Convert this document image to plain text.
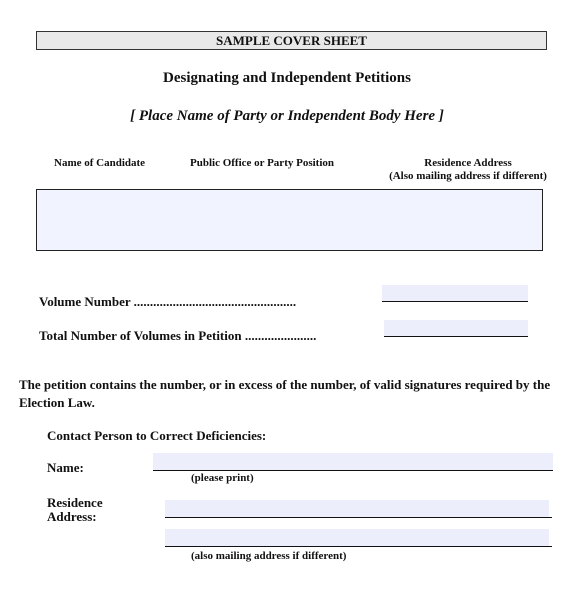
SAMPLE COVER SHEET
Designating and Independent Petitions
[ Place Name of Party or Independent Body Here ]
Name of Candidate	Public Office or Party Position	Residence Address
(Also mailing address if different)
Volume Number ..................................................
Total Number of Volumes in Petition ......................
The petition contains the number, or in excess of the number, of valid signatures required by the Election Law.
Contact Person to Correct Deficiencies:
Name:
(please print)
Residence
Address:
(also mailing address if different)
